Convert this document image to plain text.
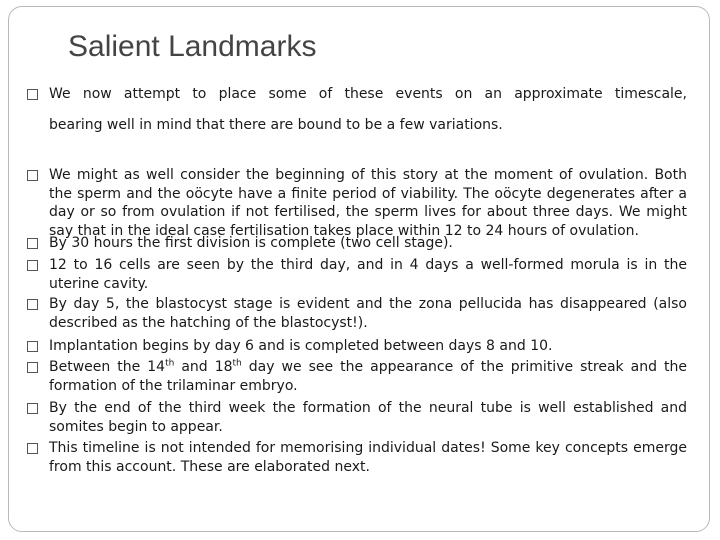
Salient Landmarks
We now attempt to place some of these events on an approximate timescale,
bearing well in mind that there are bound to be a few variations.
We might as well consider the beginning of this story at the moment of ovulation. Both the sperm and the oöcyte have a finite period of viability. The oöcyte degenerates after a day or so from ovulation if not fertilised, the sperm lives for about three days. We might say that in the ideal case fertilisation takes place within 12 to 24 hours of ovulation.
By 30 hours the first division is complete (two cell stage).
12 to 16 cells are seen by the third day, and in 4 days a well-formed morula is in the uterine cavity.
By day 5, the blastocyst stage is evident and the zona pellucida has disappeared (also described as the hatching of the blastocyst!).
Implantation begins by day 6 and is completed between days 8 and 10.
Between the 14th and 18th day we see the appearance of the primitive streak and the formation of the trilaminar embryo.
By the end of the third week the formation of the neural tube is well established and somites begin to appear.
This timeline is not intended for memorising individual dates! Some key concepts emerge from this account. These are elaborated next.
